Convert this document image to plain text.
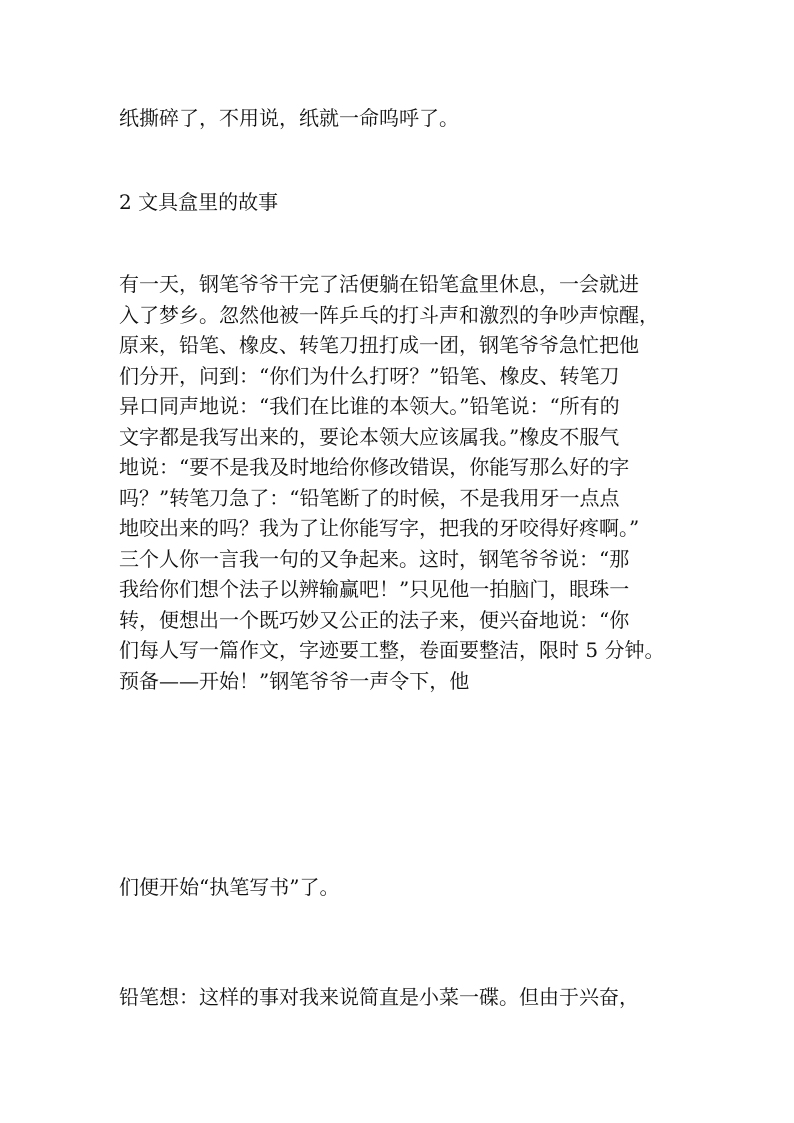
纸撕碎了，不用说，纸就一命呜呼了。

2 文具盒里的故事

有一天，钢笔爷爷干完了活便躺在铅笔盒里休息，一会就进
入了梦乡。忽然他被一阵乒乓的打斗声和激烈的争吵声惊醒，
原来，铅笔、橡皮、转笔刀扭打成一团，钢笔爷爷急忙把他
们分开，问到：“你们为什么打呀？”铅笔、橡皮、转笔刀
异口同声地说：“我们在比谁的本领大。”铅笔说：“所有的
文字都是我写出来的，要论本领大应该属我。”橡皮不服气
地说：“要不是我及时地给你修改错误，你能写那么好的字
吗？”转笔刀急了：“铅笔断了的时候，不是我用牙一点点
地咬出来的吗？我为了让你能写字，把我的牙咬得好疼啊。”
三个人你一言我一句的又争起来。这时，钢笔爷爷说：“那
我给你们想个法子以辨输赢吧！”只见他一拍脑门，眼珠一
转，便想出一个既巧妙又公正的法子来，便兴奋地说：“你
们每人写一篇作文，字迹要工整，卷面要整洁，限时 5 分钟。
预备——开始！”钢笔爷爷一声令下，他

们便开始“执笔写书”了。

铅笔想：这样的事对我来说简直是小菜一碟。但由于兴奋，
